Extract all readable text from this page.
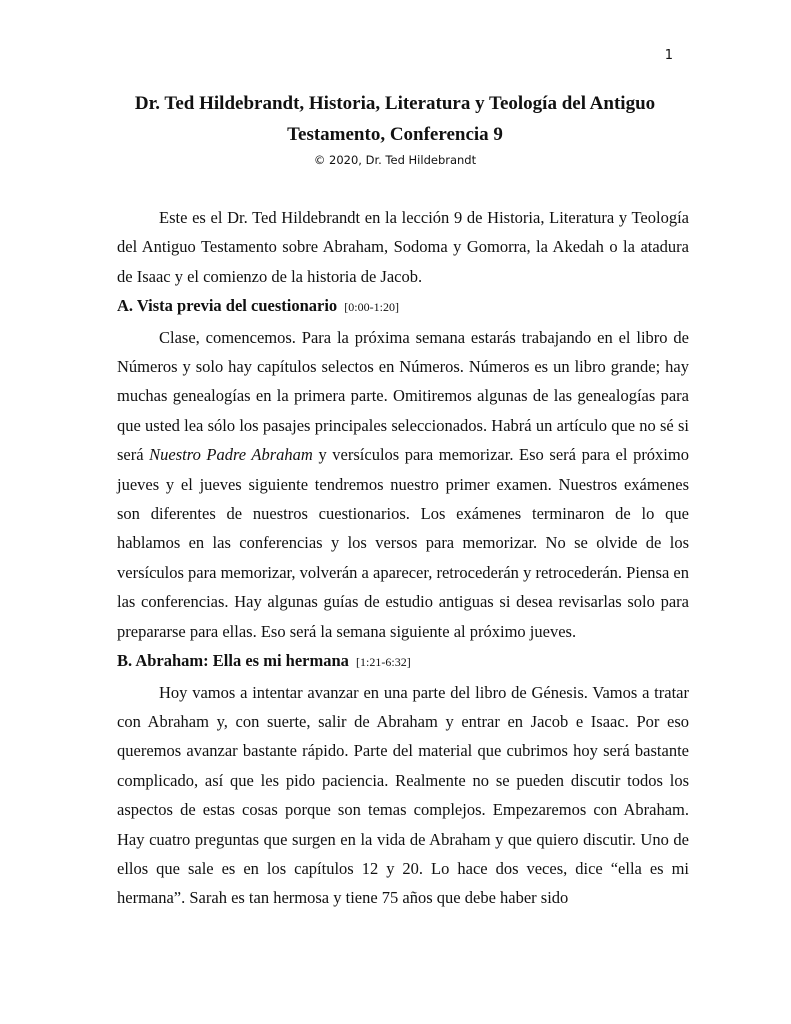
1
Dr. Ted Hildebrandt, Historia, Literatura y Teología del Antiguo Testamento, Conferencia 9
© 2020, Dr. Ted Hildebrandt

Este es el Dr. Ted Hildebrandt en la lección 9 de Historia, Literatura y Teología del Antiguo Testamento sobre Abraham, Sodoma y Gomorra, la Akedah o la atadura de Isaac y el comienzo de la historia de Jacob.

A. Vista previa del cuestionario [0:00-1:20]

Clase, comencemos. Para la próxima semana estarás trabajando en el libro de Números y solo hay capítulos selectos en Números. Números es un libro grande; hay muchas genealogías en la primera parte. Omitiremos algunas de las genealogías para que usted lea sólo los pasajes principales seleccionados. Habrá un artículo que no sé si será Nuestro Padre Abraham y versículos para memorizar. Eso será para el próximo jueves y el jueves siguiente tendremos nuestro primer examen. Nuestros exámenes son diferentes de nuestros cuestionarios. Los exámenes terminaron de lo que hablamos en las conferencias y los versos para memorizar. No se olvide de los versículos para memorizar, volverán a aparecer, retrocederán y retrocederán. Piensa en las conferencias. Hay algunas guías de estudio antiguas si desea revisarlas solo para prepararse para ellas. Eso será la semana siguiente al próximo jueves.

B. Abraham: Ella es mi hermana [1:21-6:32]

Hoy vamos a intentar avanzar en una parte del libro de Génesis. Vamos a tratar con Abraham y, con suerte, salir de Abraham y entrar en Jacob e Isaac. Por eso queremos avanzar bastante rápido. Parte del material que cubrimos hoy será bastante complicado, así que les pido paciencia. Realmente no se pueden discutir todos los aspectos de estas cosas porque son temas complejos. Empezaremos con Abraham. Hay cuatro preguntas que surgen en la vida de Abraham y que quiero discutir. Uno de ellos que sale es en los capítulos 12 y 20. Lo hace dos veces, dice “ella es mi hermana”. Sarah es tan hermosa y tiene 75 años que debe haber sido
